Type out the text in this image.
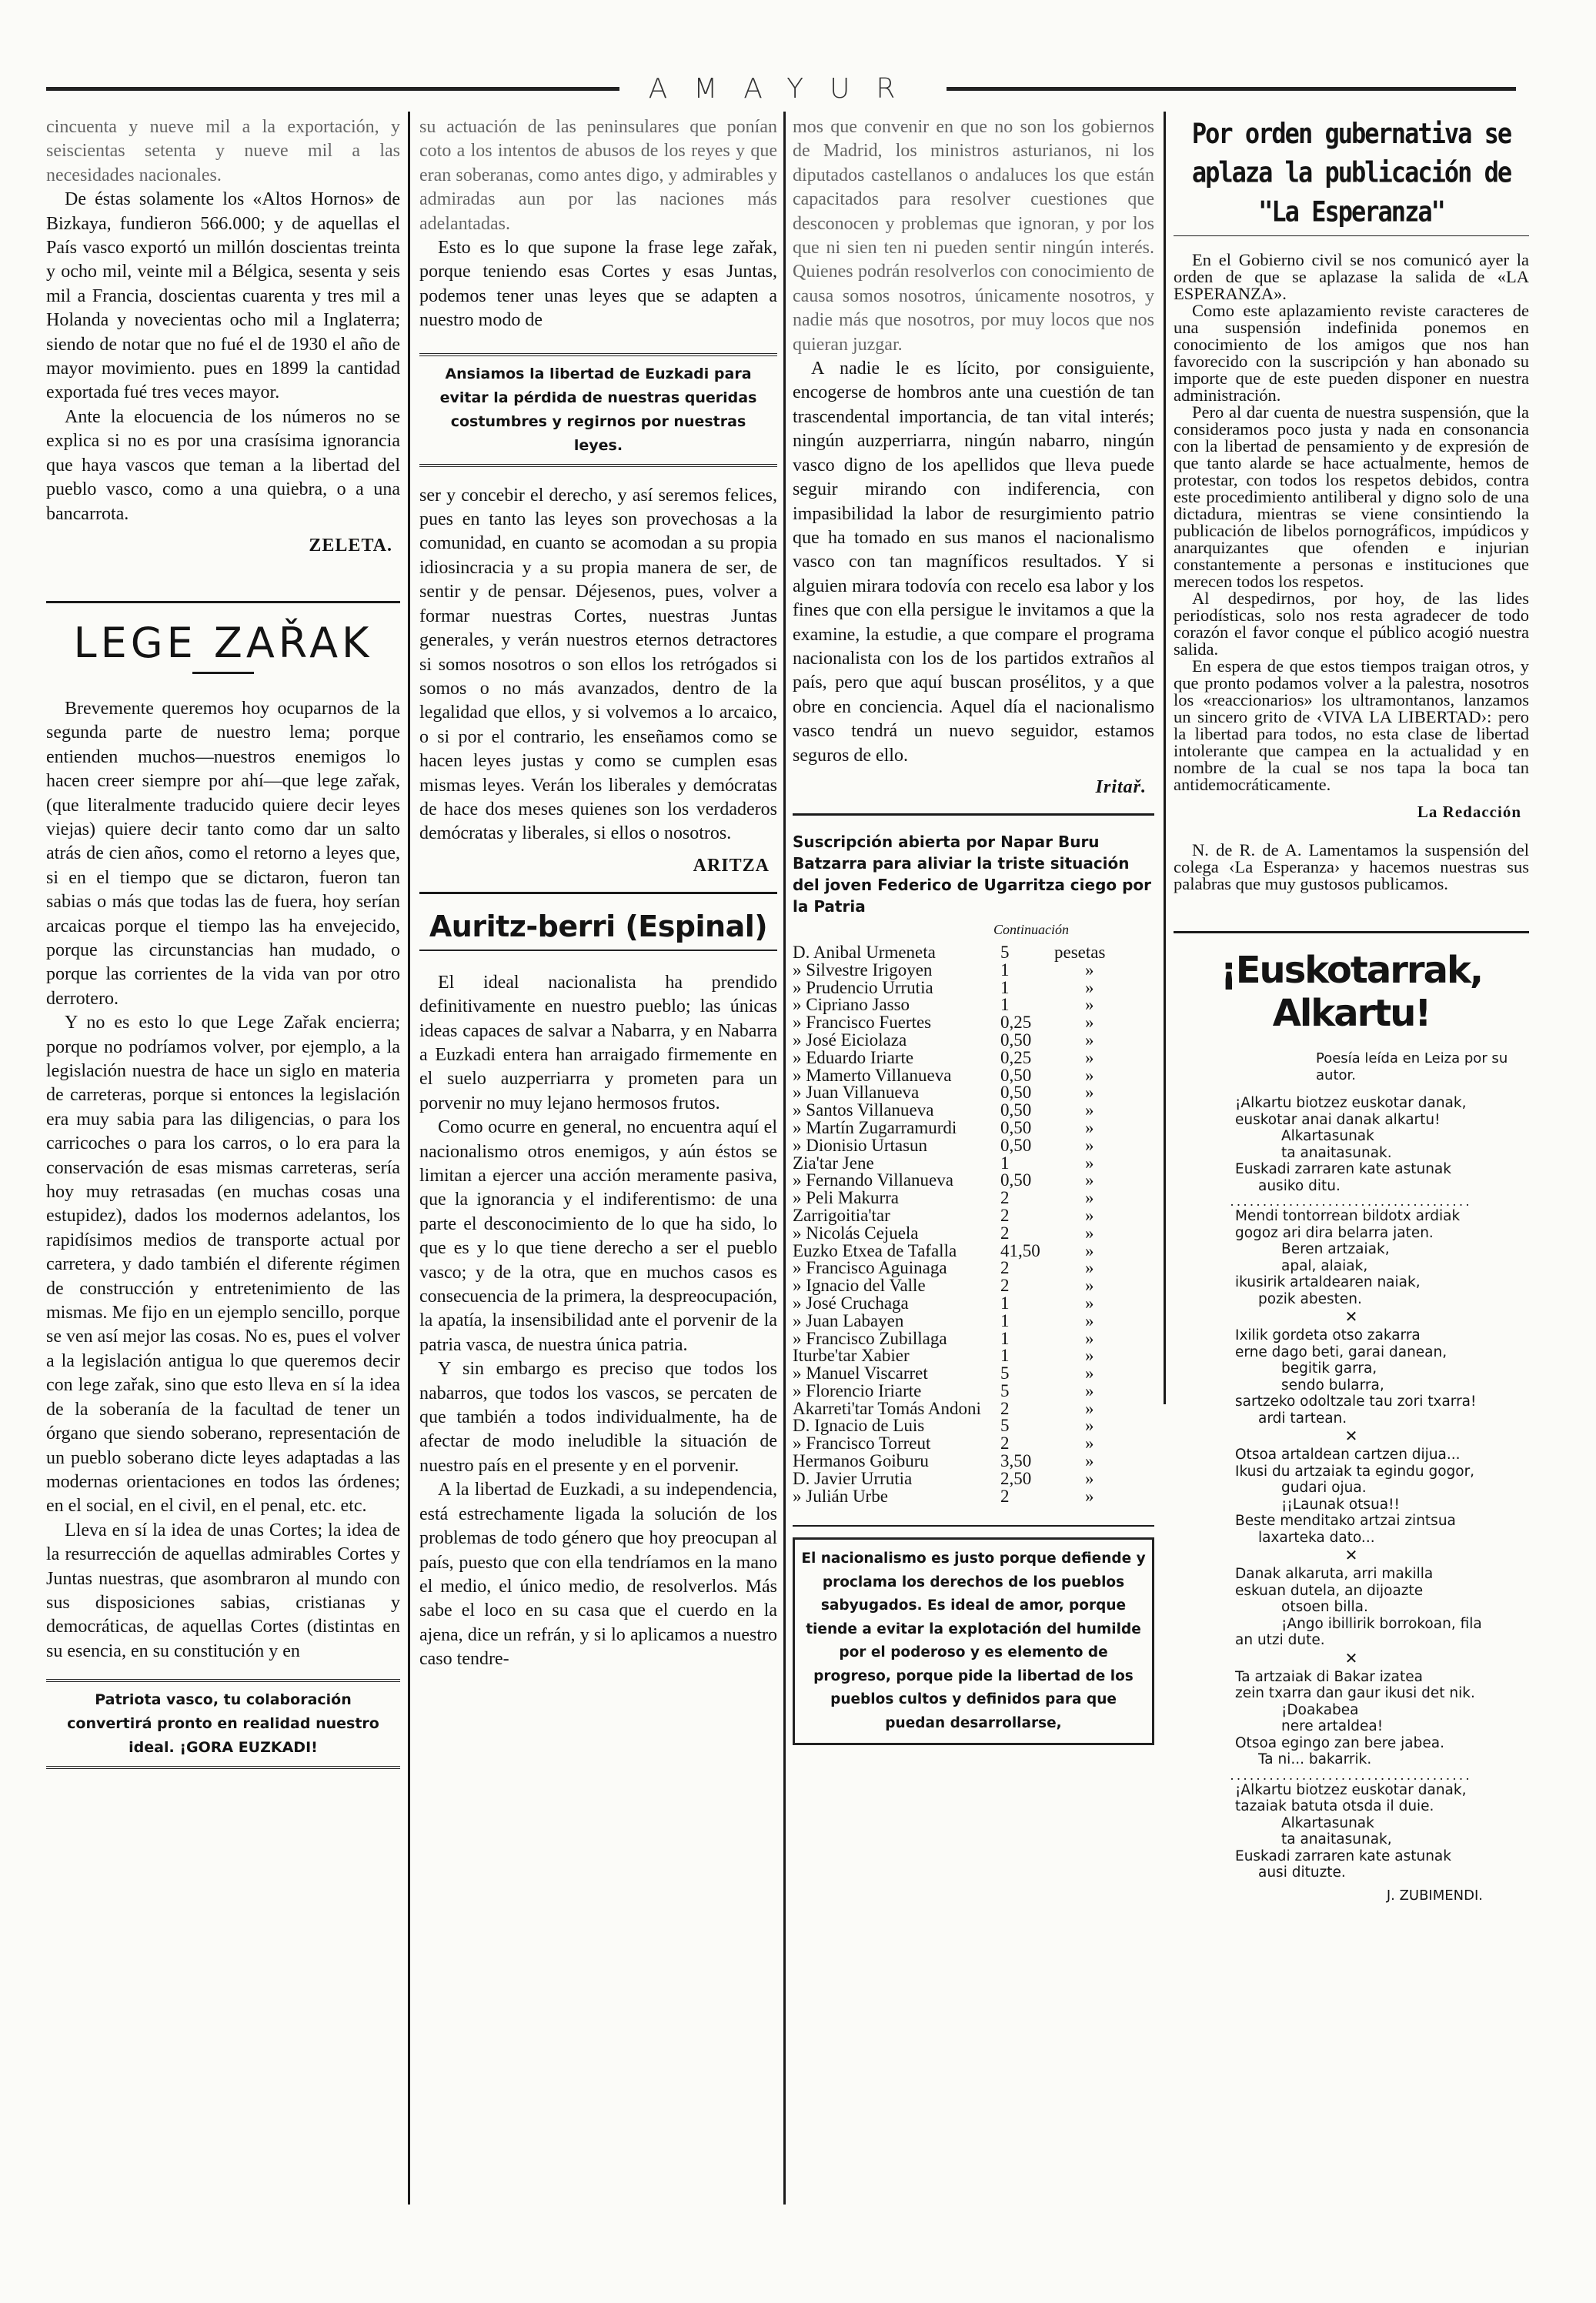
AMAYUR

cincuenta y nueve mil a la exportación, y seiscientas setenta y nueve mil a las necesidades nacionales.

De éstas solamente los «Altos Hornos» de Bizkaya, fundieron 566.000; y de aquellas el País vasco exportó un millón doscientas treinta y ocho mil, veinte mil a Bélgica, sesenta y seis mil a Francia, doscientas cuarenta y tres mil a Holanda y novecientas ocho mil a Inglaterra; siendo de notar que no fué el de 1930 el año de mayor movimiento. pues en 1899 la cantidad exportada fué tres veces mayor.

Ante la elocuencia de los números no se explica si no es por una crasísima ignorancia que haya vascos que teman a la libertad del pueblo vasco, como a una quiebra, o a una bancarrota.

ZELETA.
LEGE ZAŘAK

Brevemente queremos hoy ocuparnos de la segunda parte de nuestro lema; porque entienden muchos—nuestros enemigos lo hacen creer siempre por ahí—que lege zařak, (que literalmente traducido quiere decir leyes viejas) quiere decir tanto como dar un salto atrás de cien años, como el retorno a leyes que, si en el tiempo que se dictaron, fueron tan sabias o más que todas las de fuera, hoy serían arcaicas porque el tiempo las ha envejecido, porque las circunstancias han mudado, o porque las corrientes de la vida van por otro derrotero.

Y no es esto lo que Lege Zařak encierra; porque no podríamos volver, por ejemplo, a la legislación nuestra de hace un siglo en materia de carreteras, porque si entonces la legislación era muy sabia para las diligencias, o para los carricoches o para los carros, o lo era para la conservación de esas mismas carreteras, sería hoy muy retrasadas (en muchas cosas una estupidez), dados los modernos adelantos, los rapidísimos medios de transporte actual por carretera, y dado también el diferente régimen de construcción y entretenimiento de las mismas. Me fijo en un ejemplo sencillo, porque se ven así mejor las cosas. No es, pues el volver a la legislación antigua lo que queremos decir con lege zařak, sino que esto lleva en sí la idea de la soberanía de la facultad de tener un órgano que siendo soberano, representación de un pueblo soberano dicte leyes adaptadas a las modernas orientaciones en todos las órdenes; en el social, en el civil, en el penal, etc. etc.

Lleva en sí la idea de unas Cortes; la idea de la resurrección de aquellas admirables Cortes y Juntas nuestras, que asombraron al mundo con sus disposiciones sabias, cristianas y democráticas, de aquellas Cortes (distintas en su esencia, en su constitución y en

Patriota vasco, tu colaboración convertirá pronto en realidad nuestro ideal. ¡GORA EUZKADI!

su actuación de las peninsulares que ponían coto a los intentos de abusos de los reyes y que eran soberanas, como antes digo, y admirables y admiradas aun por las naciones más adelantadas.

Esto es lo que supone la frase lege zařak, porque teniendo esas Cortes y esas Juntas, podemos tener unas leyes que se adapten a nuestro modo de

Ansiamos la libertad de Euzkadi para evitar la pérdida de nuestras queridas costumbres y regirnos por nuestras leyes.

ser y concebir el derecho, y así seremos felices, pues en tanto las leyes son provechosas a la comunidad, en cuanto se acomodan a su propia idiosincracia y a su propia manera de ser, de sentir y de pensar. Déjesenos, pues, volver a formar nuestras Cortes, nuestras Juntas generales, y verán nuestros eternos detractores si somos nosotros o son ellos los retrógados si somos o no más avanzados, dentro de la legalidad que ellos, y si volvemos a lo arcaico, o si por el contrario, les enseñamos como se hacen leyes justas y como se cumplen esas mismas leyes. Verán los liberales y demócratas de hace dos meses quienes son los verdaderos demócratas y liberales, si ellos o nosotros.

ARITZA
Auritz-berri (Espinal)

El ideal nacionalista ha prendido definitivamente en nuestro pueblo; las únicas ideas capaces de salvar a Nabarra, y en Nabarra a Euzkadi entera han arraigado firmemente en el suelo auzperriarra y prometen para un porvenir no muy lejano hermosos frutos.

Como ocurre en general, no encuentra aquí el nacionalismo otros enemigos, y aún éstos se limitan a ejercer una acción meramente pasiva, que la ignorancia y el indiferentismo: de una parte el desconocimiento de lo que ha sido, lo que es y lo que tiene derecho a ser el pueblo vasco; y de la otra, que en muchos casos es consecuencia de la primera, la despreocupación, la apatía, la insensibilidad ante el porvenir de la patria vasca, de nuestra única patria.

Y sin embargo es preciso que todos los nabarros, que todos los vascos, se percaten de que también a todos individualmente, ha de afectar de modo ineludible la situación de nuestro país en el presente y en el porvenir.

A la libertad de Euzkadi, a su independencia, está estrechamente ligada la solución de los problemas de todo género que hoy preocupan al país, puesto que con ella tendríamos en la mano el medio, el único medio, de resolverlos. Más sabe el loco en su casa que el cuerdo en la ajena, dice un refrán, y si lo aplicamos a nuestro caso tendre-

mos que convenir en que no son los gobiernos de Madrid, los ministros asturianos, ni los diputados castellanos o andaluces los que están capacitados para resolver cuestiones que desconocen y problemas que ignoran, y por los que ni sien ten ni pueden sentir ningún interés. Quienes podrán resolverlos con conocimiento de causa somos nosotros, únicamente nosotros, y nadie más que nosotros, por muy locos que nos quieran juzgar.

A nadie le es lícito, por consiguiente, encogerse de hombros ante una cuestión de tan trascendental importancia, de tan vital interés; ningún auzperriarra, ningún nabarro, ningún vasco digno de los apellidos que lleva puede seguir mirando con indiferencia, con impasibilidad la labor de resurgimiento patrio que ha tomado en sus manos el nacionalismo vasco con tan magníficos resultados. Y si alguien mirara todovía con recelo esa labor y los fines que con ella persigue le invitamos a que la examine, la estudie, a que compare el programa nacionalista con los de los partidos extraños al país, pero que aquí buscan prosélitos, y a que obre en conciencia. Aquel día el nacionalismo vasco tendrá un nuevo seguidor, estamos seguros de ello.

Iritař.
Suscripción abierta por Napar Buru Batzarra para aliviar la triste situación del joven Federico de Ugarritza ciego por la Patria
Continuación
D. Anibal Urmeneta	5	pesetas
» Silvestre Irigoyen	1	»
» Prudencio Urrutia	1	»
» Cipriano Jasso	1	»
» Francisco Fuertes	0,25	»
» José Eiciolaza	0,50	»
» Eduardo Iriarte	0,25	»
» Mamerto Villanueva	0,50	»
» Juan Villanueva	0,50	»
» Santos Villanueva	0,50	»
» Martín Zugarramurdi	0,50	»
» Dionisio Urtasun	0,50	»
Zia'tar Jene	1	»
» Fernando Villanueva	0,50	»
» Peli Makurra	2	»
Zarrigoitia'tar	2	»
» Nicolás Cejuela	2	»
Euzko Etxea de Tafalla	41,50	»
» Francisco Aguinaga	2	»
» Ignacio del Valle	2	»
» José Cruchaga	1	»
» Juan Labayen	1	»
» Francisco Zubillaga	1	»
Iturbe'tar Xabier	1	»
» Manuel Viscarret	5	»
» Florencio Iriarte	5	»
Akarreti'tar Tomás Andoni	2	»
D. Ignacio de Luis	5	»
» Francisco Torreut	2	»
Hermanos Goiburu	3,50	»
D. Javier Urrutia	2,50	»
» Julián Urbe	2	»
El nacionalismo es justo porque defiende y proclama los derechos de los pueblos sabyugados. Es ideal de amor, porque tiende a evitar la explotación del humilde por el poderoso y es elemento de progreso, porque pide la libertad de los pueblos cultos y definidos para que puedan desarrollarse,
Por orden gubernativa se aplaza la publicación de "La Esperanza"

En el Gobierno civil se nos comunicó ayer la orden de que se aplazase la salida de «LA ESPERANZA».

Como este aplazamiento reviste caracteres de una suspensión indefinida ponemos en conocimiento de los amigos que nos han favorecido con la suscripción y han abonado su importe que de este pueden disponer en nuestra administración.

Pero al dar cuenta de nuestra suspensión, que la consideramos poco justa y nada en consonancia con la libertad de pensamiento y de expresión de que tanto alarde se hace actualmente, hemos de protestar, con todos los respetos debidos, contra este procedimiento antiliberal y digno solo de una dictadura, mientras se viene consintiendo la publicación de libelos pornográficos, impúdicos y anarquizantes que ofenden e injurian constantemente a personas e instituciones que merecen todos los respetos.

Al despedirnos, por hoy, de las lides periodísticas, solo nos resta agradecer de todo corazón el favor conque el público acogió nuestra salida.

En espera de que estos tiempos traigan otros, y que pronto podamos volver a la palestra, nosotros los «reaccionarios» los ultramontanos, lanzamos un sincero grito de ‹VIVA LA LIBERTAD›: pero la libertad para todos, no esta clase de libertad intolerante que campea en la actualidad y en nombre de la cual se nos tapa la boca tan antidemocráticamente.

La Redacción

N. de R. de A. Lamentamos la suspensión del colega ‹La Esperanza› y hacemos nuestras sus palabras que muy gustosos publicamos.

¡Euskotarrak, Alkartu!
Poesía leída en Leiza por su autor.
¡Alkartu biotzez euskotar danak,
euskotar anai danak alkartu!
Alkartasunak
ta anaitasunak.
Euskadi zarraren kate astunak
ausiko ditu.
.....................................
Mendi tontorrean bildotx ardiak
gogoz ari dira belarra jaten.
Beren artzaiak,
apal, alaiak,
ikusirik artaldearen naiak,
pozik abesten.
✕
Ixilik gordeta otso zakarra
erne dago beti, garai danean,
begitik garra,
sendo bularra,
sartzeko odoltzale tau zori txarra!
ardi tartean.
✕
Otsoa artaldean cartzen dijua...
Ikusi du artzaiak ta egindu gogor,
gudari ojua.
¡¡Launak otsua!!
Beste menditako artzai zintsua
laxarteka dato...
✕
Danak alkaruta, arri makilla
eskuan dutela, an dijoazte
otsoen billa.
¡Ango ibillirik borrokoan, fila
an utzi dute.
✕
Ta artzaiak di Bakar izatea
zein txarra dan gaur ikusi det nik.
¡Doakabea
nere artaldea!
Otsoa egingo zan bere jabea.
Ta ni... bakarrik.
.....................................
¡Alkartu biotzez euskotar danak,
tazaiak batuta otsda il duie.
Alkartasunak
ta anaitasunak,
Euskadi zarraren kate astunak
ausi dituzte.
J. ZUBIMENDI.
